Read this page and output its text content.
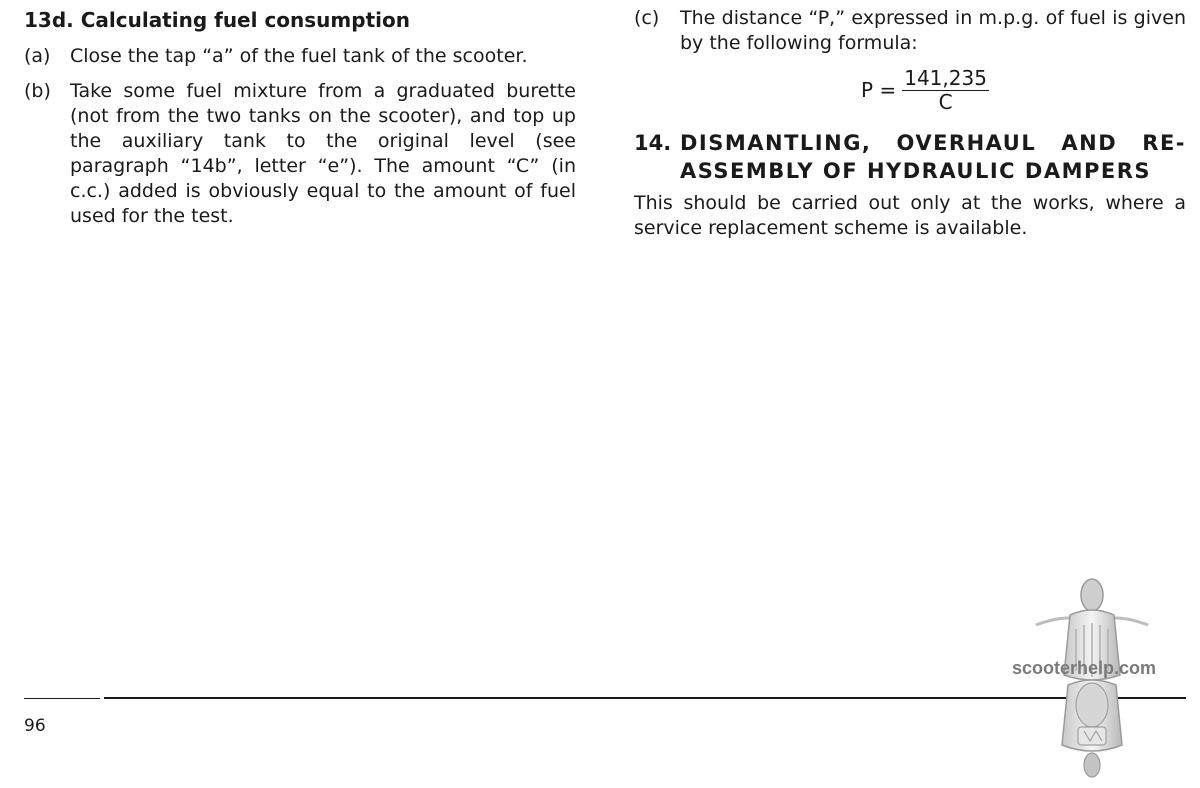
13d. Calculating fuel consumption
(a)	Close the tap “a” of the fuel tank of the scooter.
(b)	Take some fuel mixture from a graduated burette (not from the two tanks on the scooter), and top up the auxiliary tank to the original level (see paragraph “14b”, letter “e”). The amount “C” (in c.c.) added is obviously equal to the amount of fuel used for the test.
(c)	The distance “P,” expressed in m.p.g. of fuel is given by the following formula:
$P = \frac{141,235}{C}$
14. DISMANTLING, OVERHAUL AND RE-ASSEMBLY OF HYDRAULIC DAMPERS
This should be carried out only at the works, where a service replacement scheme is available.
96
scooterhelp.com
